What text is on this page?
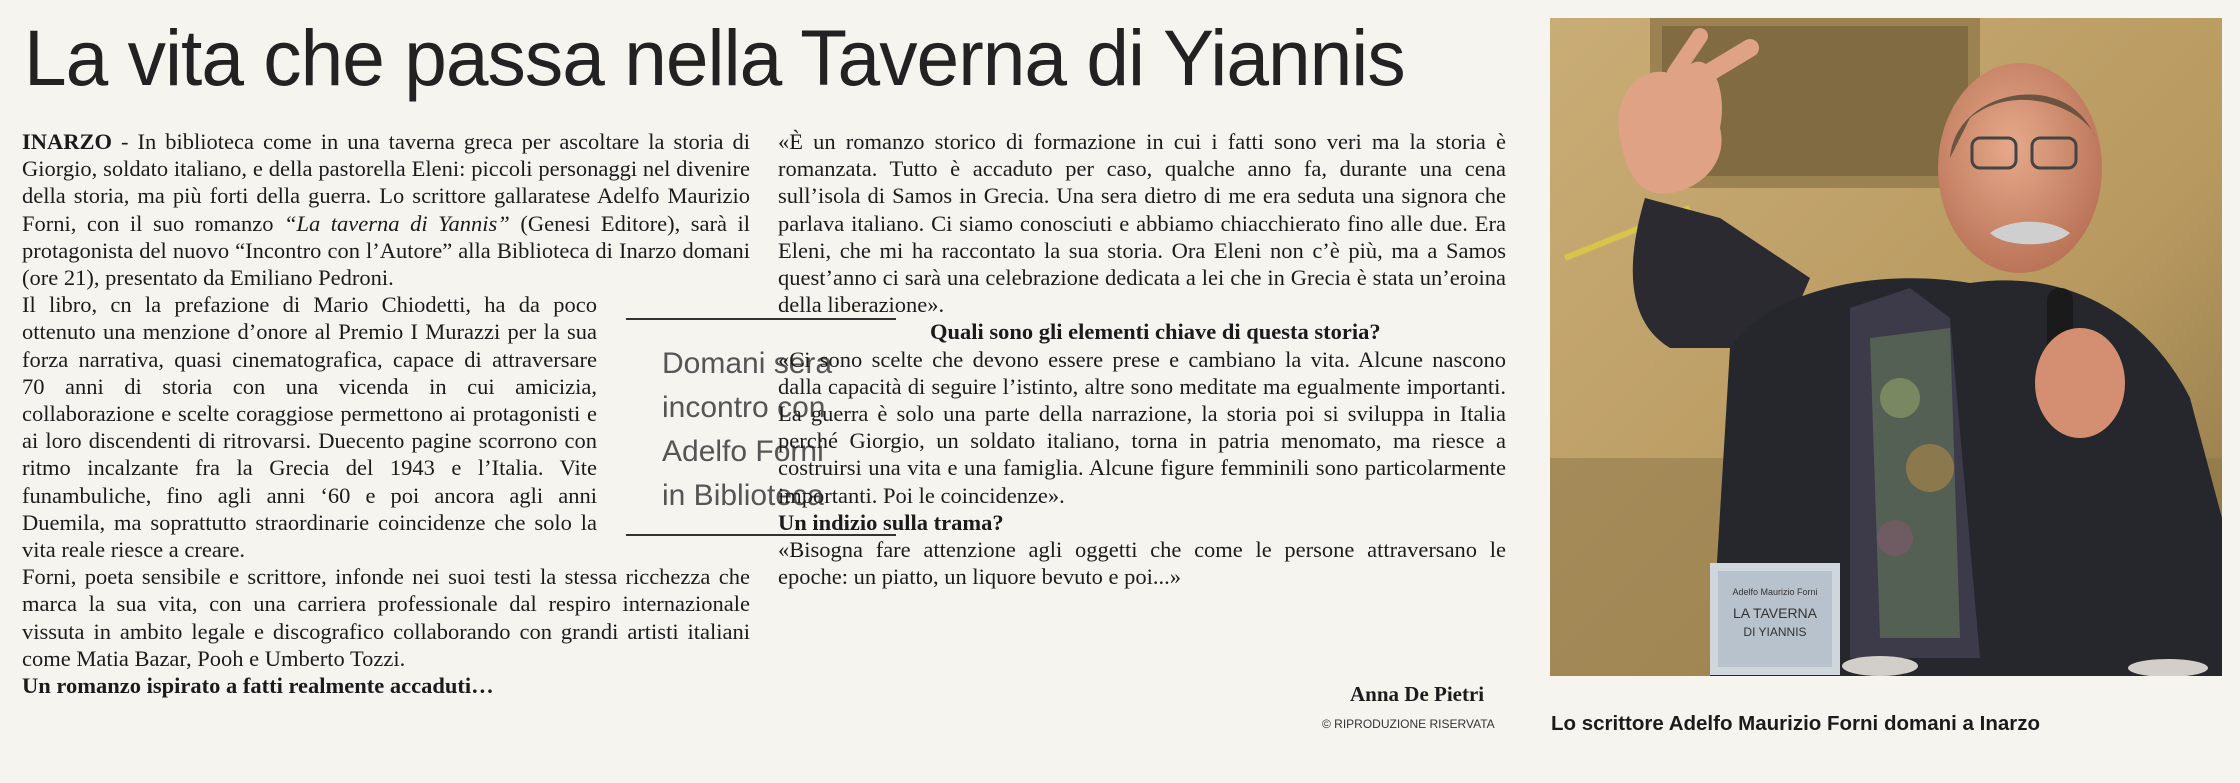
La vita che passa nella Taverna di Yiannis

INARZO - In biblioteca come in una taverna greca per ascoltare la storia di Giorgio, soldato italiano, e della pastorella Eleni: piccoli personaggi nel divenire della storia, ma più forti della guerra. Lo scrittore gallaratese Adelfo Maurizio Forni, con il suo romanzo “La taverna di Yannis” (Genesi Editore), sarà il protagonista del nuovo “Incontro con l’Autore” alla Biblioteca di Inarzo domani (ore 21), presentato da Emiliano Pedroni.

Il libro, cn la prefazione di Mario Chiodetti, ha da poco ottenuto una menzione d’onore al Premio I Murazzi per la sua forza narrativa, quasi cinematografica, capace di attraversare 70 anni di storia con una vicenda in cui amicizia, collaborazione e scelte coraggiose permettono ai protagonisti e ai loro discendenti di ritrovarsi. Duecento pagine scorrono con ritmo incalzante fra la Grecia del 1943 e l’Italia. Vite funambuliche, fino agli anni ‘60 e poi ancora agli anni Duemila, ma soprattutto straordinarie coincidenze che solo la vita reale riesce a creare.

Forni, poeta sensibile e scrittore, infonde nei suoi testi la stessa ricchezza che marca la sua vita, con una carriera professionale dal respiro internazionale vissuta in ambito legale e discografico collaborando con grandi artisti italiani come Matia Bazar, Pooh e Umberto Tozzi.

Un romanzo ispirato a fatti realmente accaduti…

Domani sera
incontro con
Adelfo Forni
in Biblioteca

«È un romanzo storico di formazione in cui i fatti sono veri ma la storia è romanzata. Tutto è accaduto per caso, qualche anno fa, durante una cena sull’isola di Samos in Grecia. Una sera dietro di me era seduta una signora che parlava italiano. Ci siamo conosciuti e abbiamo chiacchierato fino alle due. Era Eleni, che mi ha raccontato la sua storia. Ora Eleni non c’è più, ma a Samos quest’anno ci sarà una celebrazione dedicata a lei che in Grecia è stata un’eroina della liberazione».

Quali sono gli elementi chiave di questa storia?

«Ci sono scelte che devono essere prese e cambiano la vita. Alcune nascono dalla capacità di seguire l’istinto, altre sono meditate ma egualmente importanti. La guerra è solo una parte della narrazione, la storia poi si sviluppa in Italia perché Giorgio, un soldato italiano, torna in patria menomato, ma riesce a costruirsi una vita e una famiglia. Alcune figure femminili sono particolarmente importanti. Poi le coincidenze».

Un indizio sulla trama?

«Bisogna fare attenzione agli oggetti che come le persone attraversano le epoche: un piatto, un liquore bevuto e poi...»

Anna De Pietri
© RIPRODUZIONE RISERVATA
Adelfo Maurizio Forni
LA TAVERNA
DI YIANNIS
Lo scrittore Adelfo Maurizio Forni domani a Inarzo
